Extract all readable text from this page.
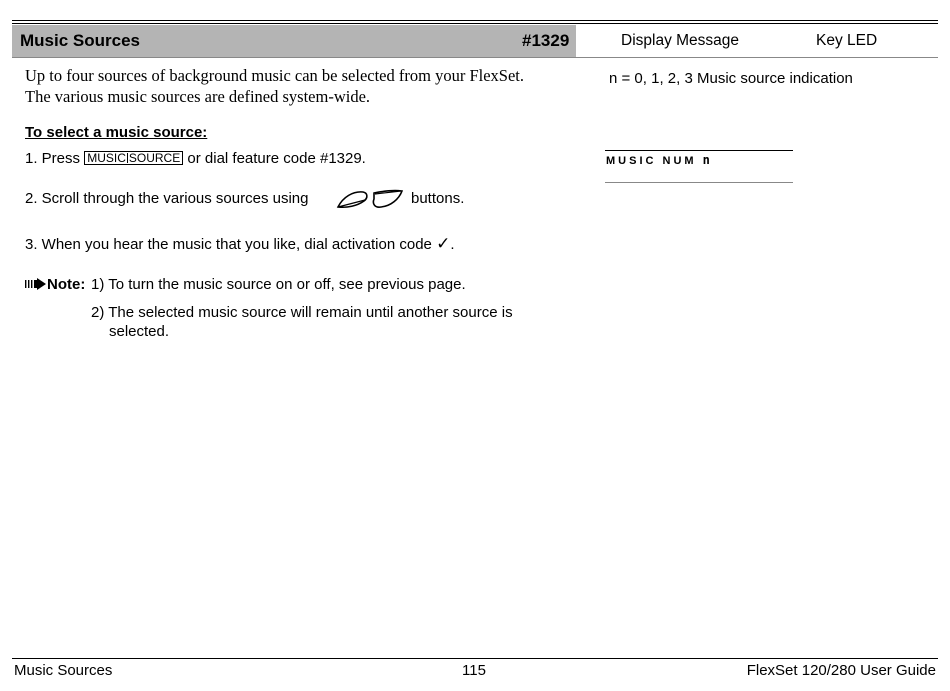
Music Sources	#1329	Display Message	Key LED
Up to four sources of background music can be selected from your FlexSet.
The various music sources are defined system-wide.
n = 0, 1, 2, 3 Music source indication
MUSIC NUM n
To select a music source:
1. Press MUSIC SOURCE or dial feature code #1329.
2. Scroll through the various sources using	buttons.
3. When you hear the music that you like, dial activation code ✓.
Note: 1) To turn the music source on or off, see previous page.
2) The selected music source will remain until another source is
selected.
Music Sources	115	FlexSet 120/280 User Guide
